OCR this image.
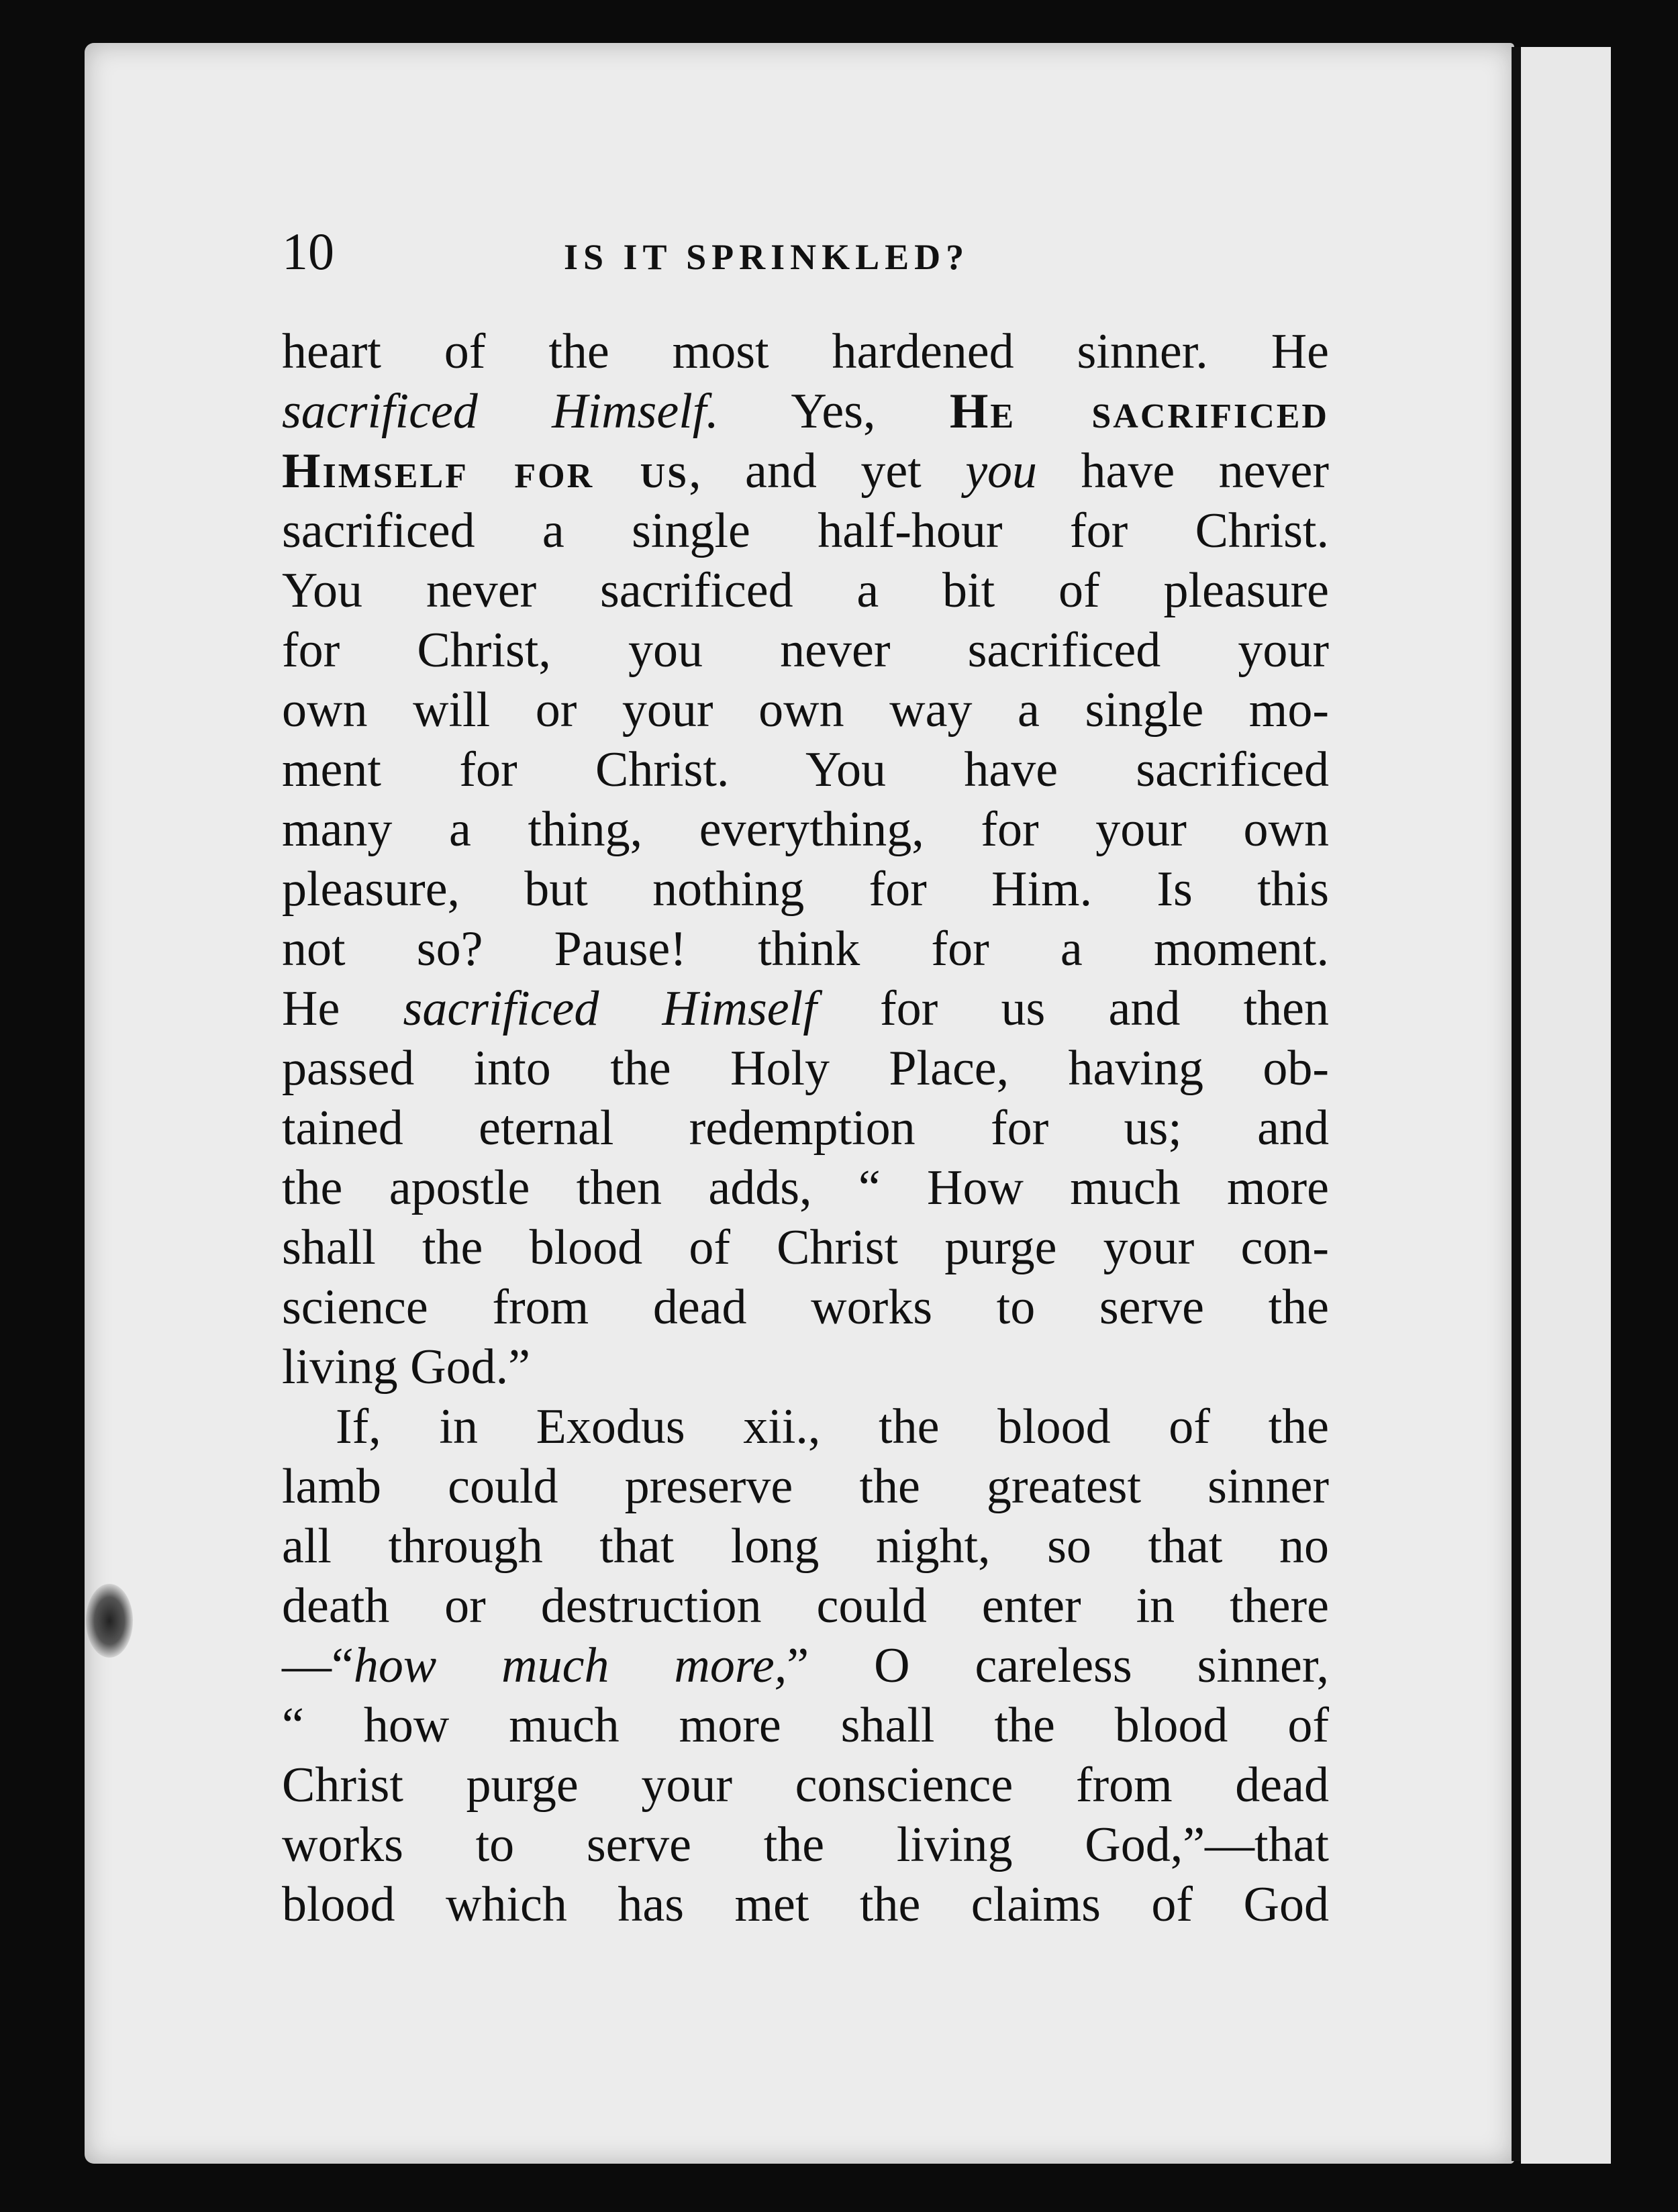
10	IS IT SPRINKLED?
heart of the most hardened sinner. He
sacrificed Himself. Yes, He sacrificed
Himself for us, and yet you have never
sacrificed a single half-hour for Christ.
You never sacrificed a bit of pleasure
for Christ, you never sacrificed your
own will or your own way a single mo-
ment for Christ. You have sacrificed
many a thing, everything, for your own
pleasure, but nothing for Him. Is this
not so? Pause! think for a moment.
He sacrificed Himself for us and then
passed into the Holy Place, having ob-
tained eternal redemption for us; and
the apostle then adds, “ How much more
shall the blood of Christ purge your con-
science from dead works to serve the
living God.”
If, in Exodus xii., the blood of the
lamb could preserve the greatest sinner
all through that long night, so that no
death or destruction could enter in there
—“how much more,” O careless sinner,
“ how much more shall the blood of
Christ purge your conscience from dead
works to serve the living God,”—that
blood which has met the claims of God
